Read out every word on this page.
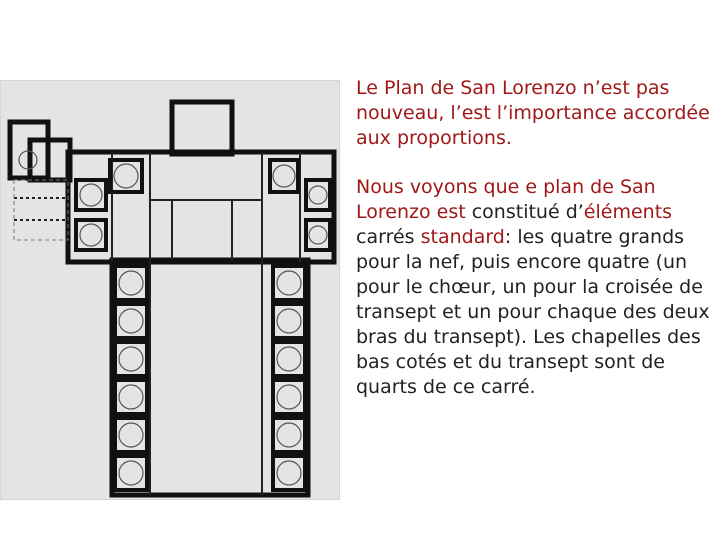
Le Plan de San Lorenzo n’est pas nouveau, l’est l’importance accordée aux proportions.

Nous voyons que e plan de San Lorenzo est constitué d’éléments carrés standard: les quatre grands pour la nef, puis encore quatre (un pour le chœur, un pour la croisée de transept et un pour chaque des deux bras du transept). Les chapelles des bas cotés et du transept sont de quarts de ce carré.
